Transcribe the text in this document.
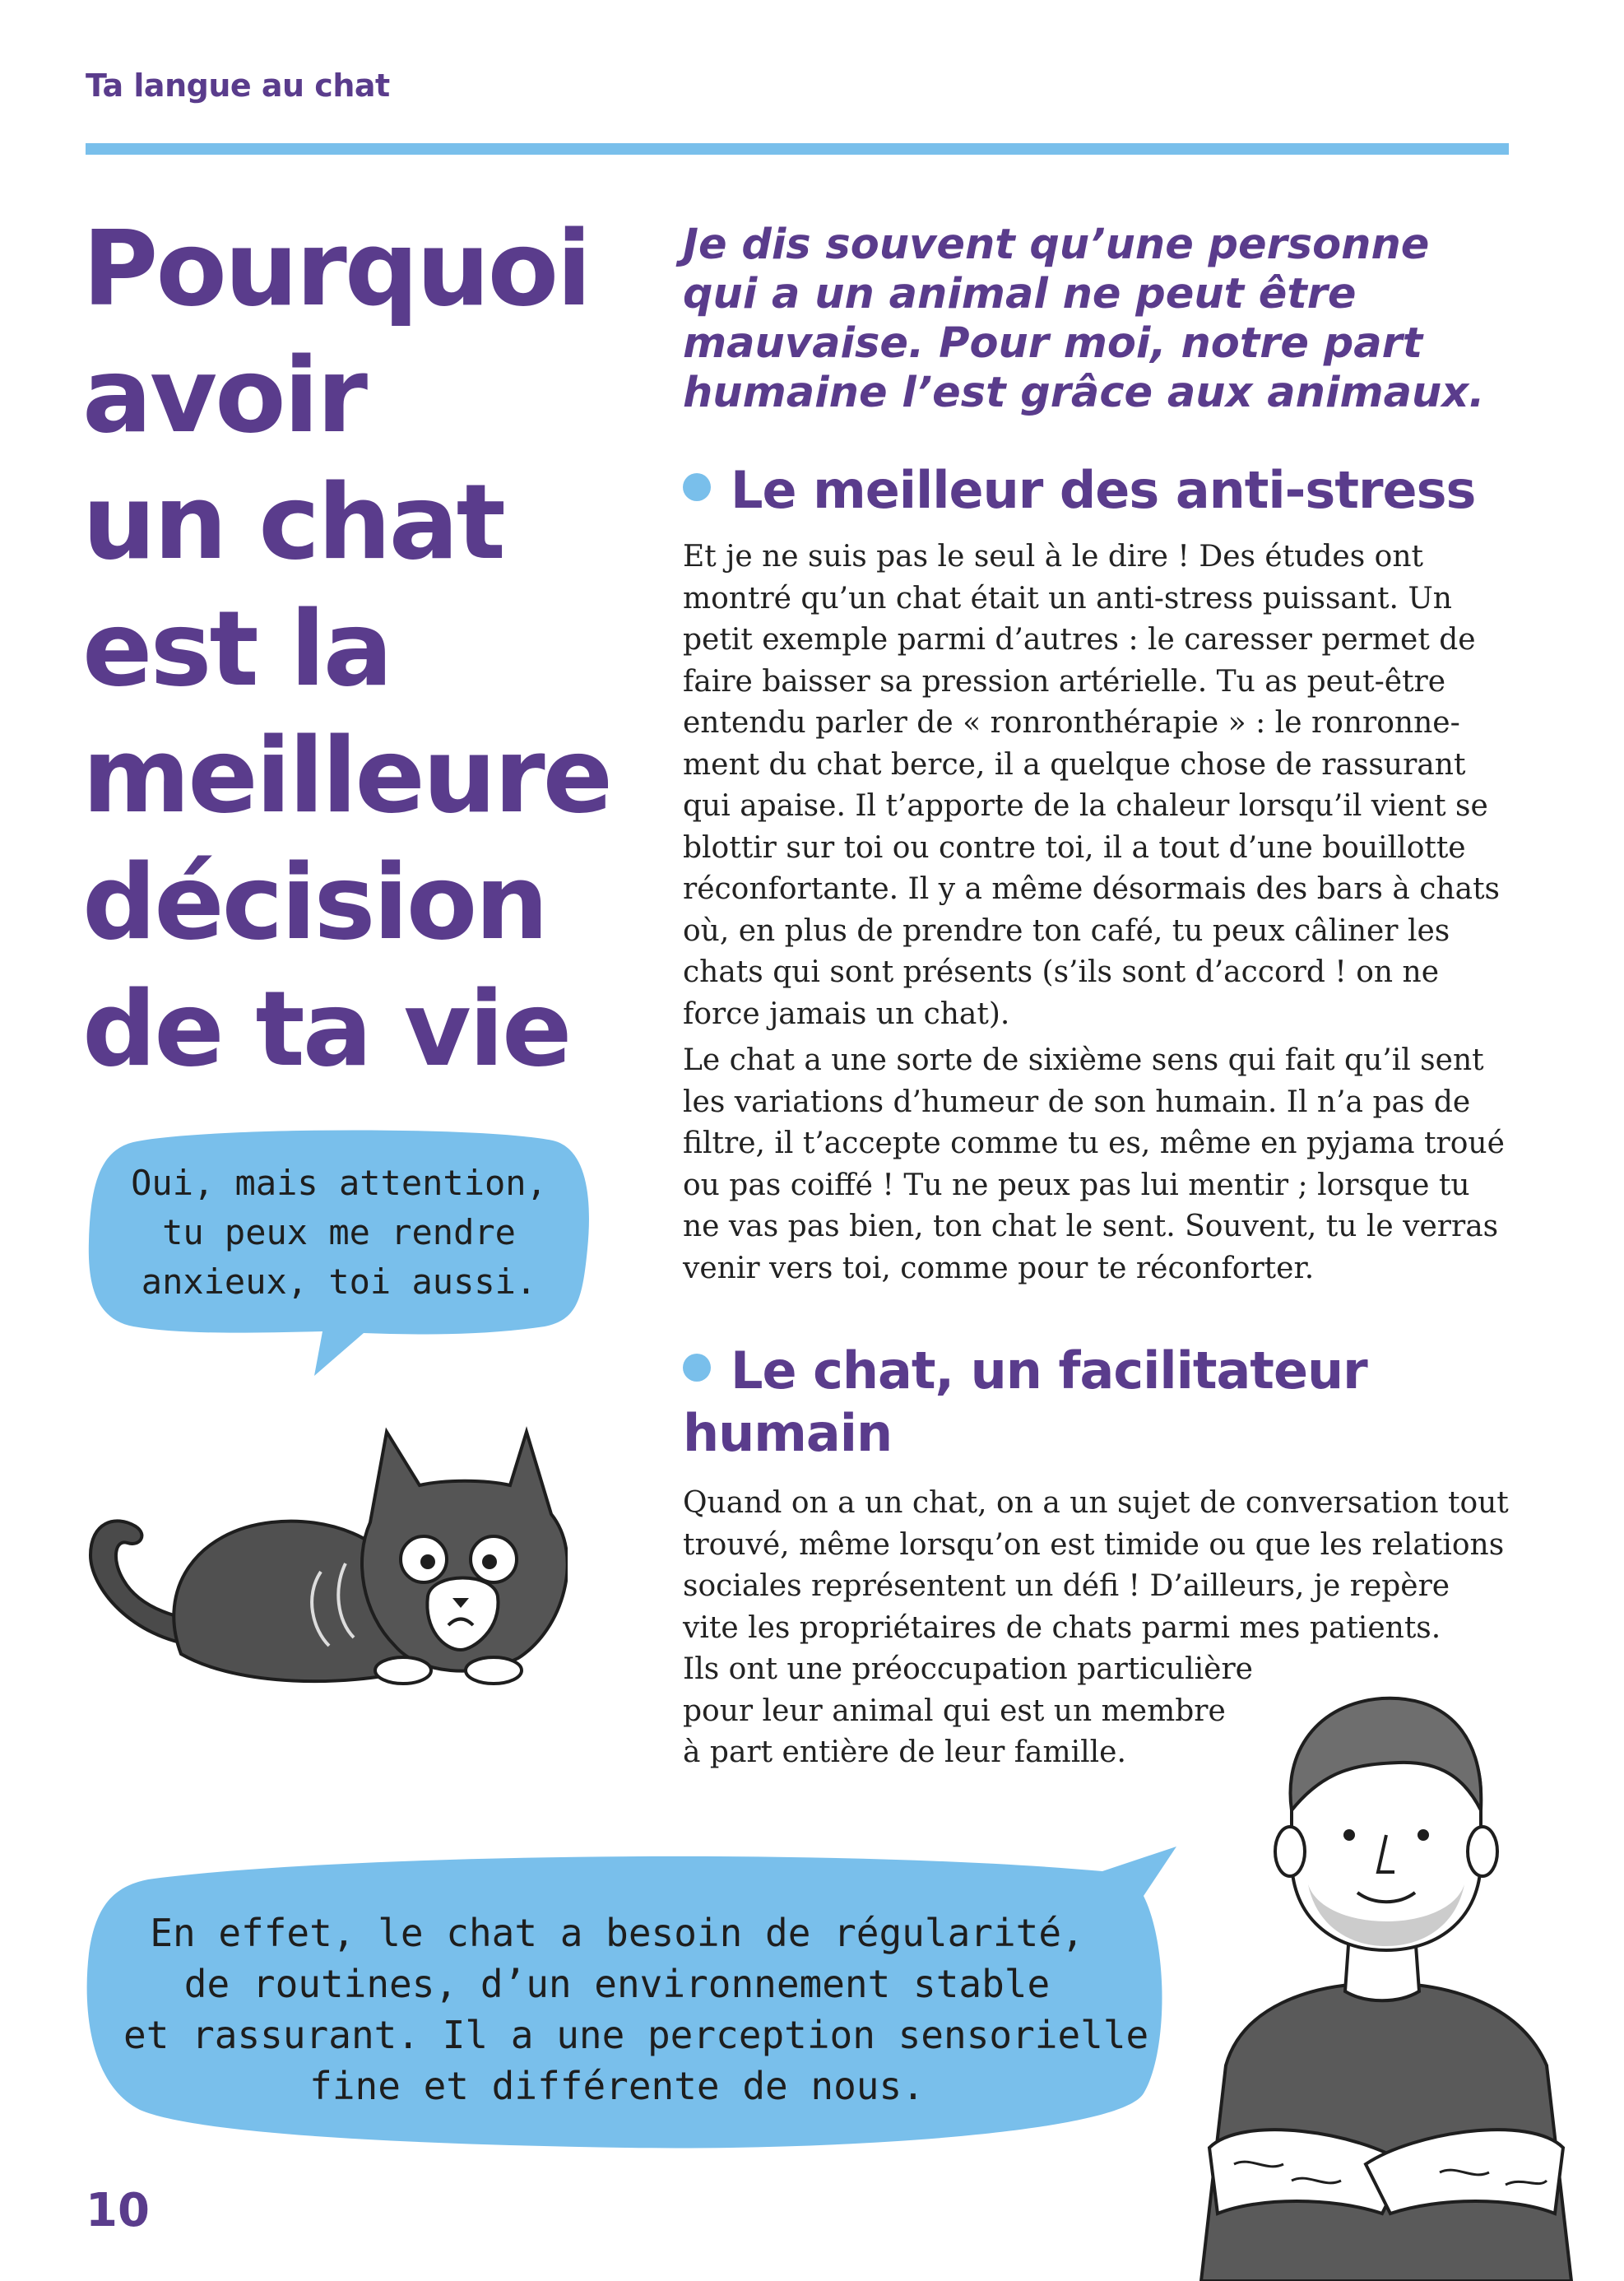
Ta langue au chat
Pourquoi
avoir
un chat
est la
meilleure
décision
de ta vie

Je dis souvent qu’une personne
qui a un animal ne peut être
mauvaise. Pour moi, notre part
humaine l’est grâce aux animaux.

Le meilleur des anti-stress
Et je ne suis pas le seul à le dire ! Des études ont
montré qu’un chat était un anti-stress puissant. Un
petit exemple parmi d’autres : le caresser permet de
faire baisser sa pression artérielle. Tu as peut-être
entendu parler de « ronronthérapie » : le ronronne-
ment du chat berce, il a quelque chose de rassurant
qui apaise. Il t’apporte de la chaleur lorsqu’il vient se
blottir sur toi ou contre toi, il a tout d’une bouillotte
réconfortante. Il y a même désormais des bars à chats
où, en plus de prendre ton café, tu peux câliner les
chats qui sont présents (s’ils sont d’accord ! on ne
force jamais un chat).
Le chat a une sorte de sixième sens qui fait qu’il sent
les variations d’humeur de son humain. Il n’a pas de
filtre, il t’accepte comme tu es, même en pyjama troué
ou pas coiffé ! Tu ne peux pas lui mentir ; lorsque tu
ne vas pas bien, ton chat le sent. Souvent, tu le verras
venir vers toi, comme pour te réconforter.
Le chat, un facilitateur
humain
Quand on a un chat, on a un sujet de conversation tout
trouvé, même lorsqu’on est timide ou que les relations
sociales représentent un défi ! D’ailleurs, je repère
vite les propriétaires de chats parmi mes patients.
Ils ont une préoccupation particulière
pour leur animal qui est un membre
à part entière de leur famille.
Oui, mais attention,
tu peux me rendre
anxieux, toi aussi.
En effet, le chat a besoin de régularité,
de routines, d’un environnement stable
et rassurant. Il a une perception sensorielle
fine et différente de nous.
10
